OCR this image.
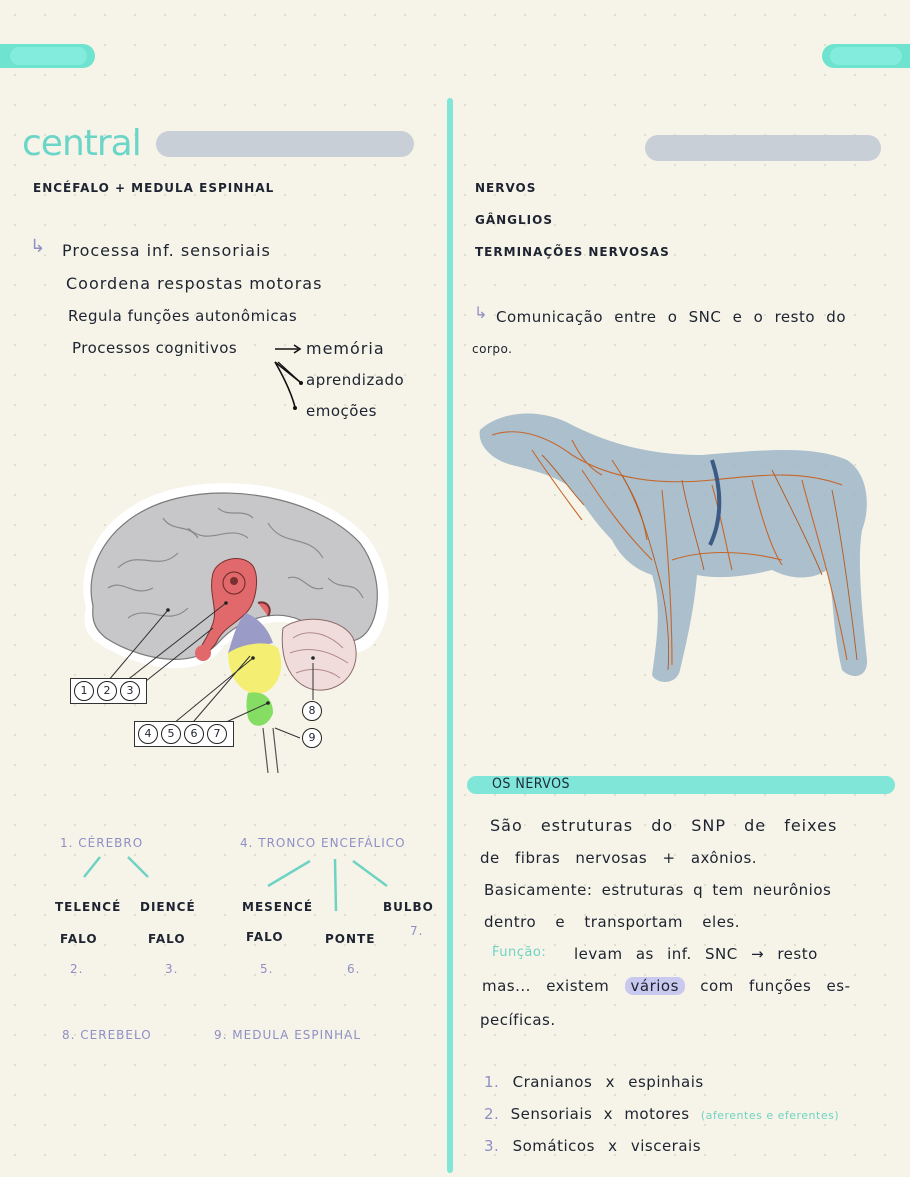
central
ENCÉFALO + MEDULA ESPINHAL
↳ Processa inf. sensoriais
Coordena respostas motoras
Regula funções autonômicas
Processos cognitivos	memória
aprendizado
emoções
1	2	3
4	5	6	7
8
9
1. CÉREBRO	4. TRONCO ENCEFÁLICO
TELENCÉ
FALO
DIENCÉ
FALO
MESENCÉ
FALO	PONTE
BULBO
7.
2.	3.	5.	6.
8. CEREBELO	9. MEDULA ESPINHAL
NERVOS
GÂNGLIOS
TERMINAÇÕES NERVOSAS
↳ Comunicação entre o SNC e o resto do
corpo.
OS NERVOS
São estruturas do SNP de feixes
de fibras nervosas + axônios.
Basicamente: estruturas q tem neurônios
dentro e transportam eles.
Função: levam as inf. SNC → resto
mas... existem vários com funções es-
pecíficas.
1. Cranianos x espinhais
2. Sensoriais x motores (aferentes e eferentes)
3. Somáticos x viscerais
